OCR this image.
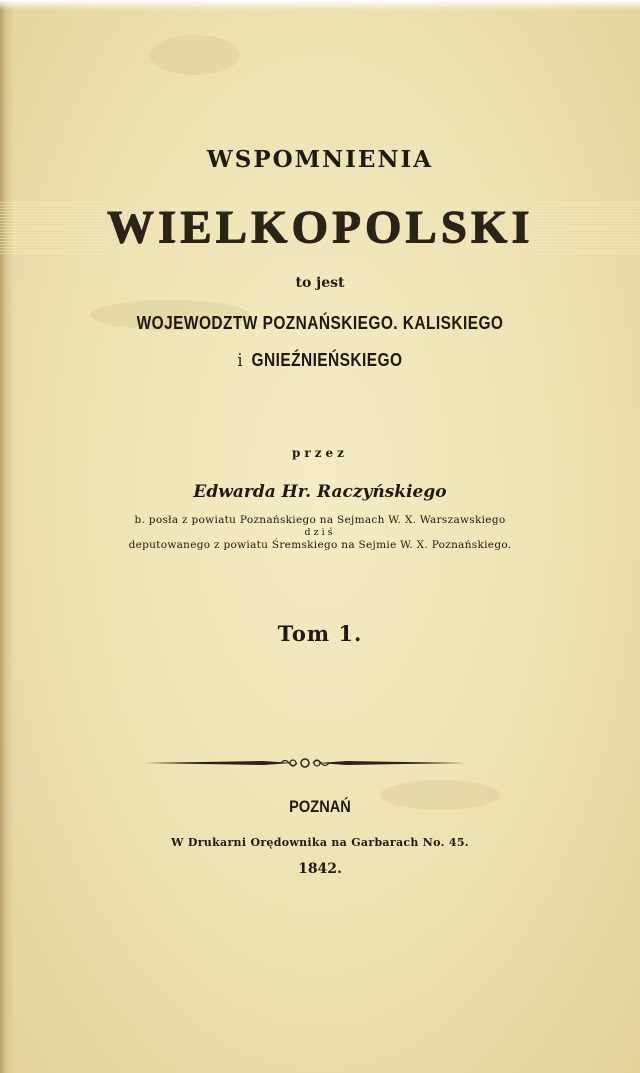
WSPOMNIENIA
WIELKOPOLSKI
to jest
WOJEWODZTW POZNAŃSKIEGO. KALISKIEGO
i GNIEŹNIEŃSKIEGO
przez
Edwarda Hr. Raczyńskiego
b. posła z powiatu Poznańskiego na Sejmach W. X. Warszawskiego
dziś
deputowanego z powiatu Śremskiego na Sejmie W. X. Poznańskiego.
Tom 1.
POZNAŃ
W Drukarni Orędownika na Garbarach No. 45.
1842.
